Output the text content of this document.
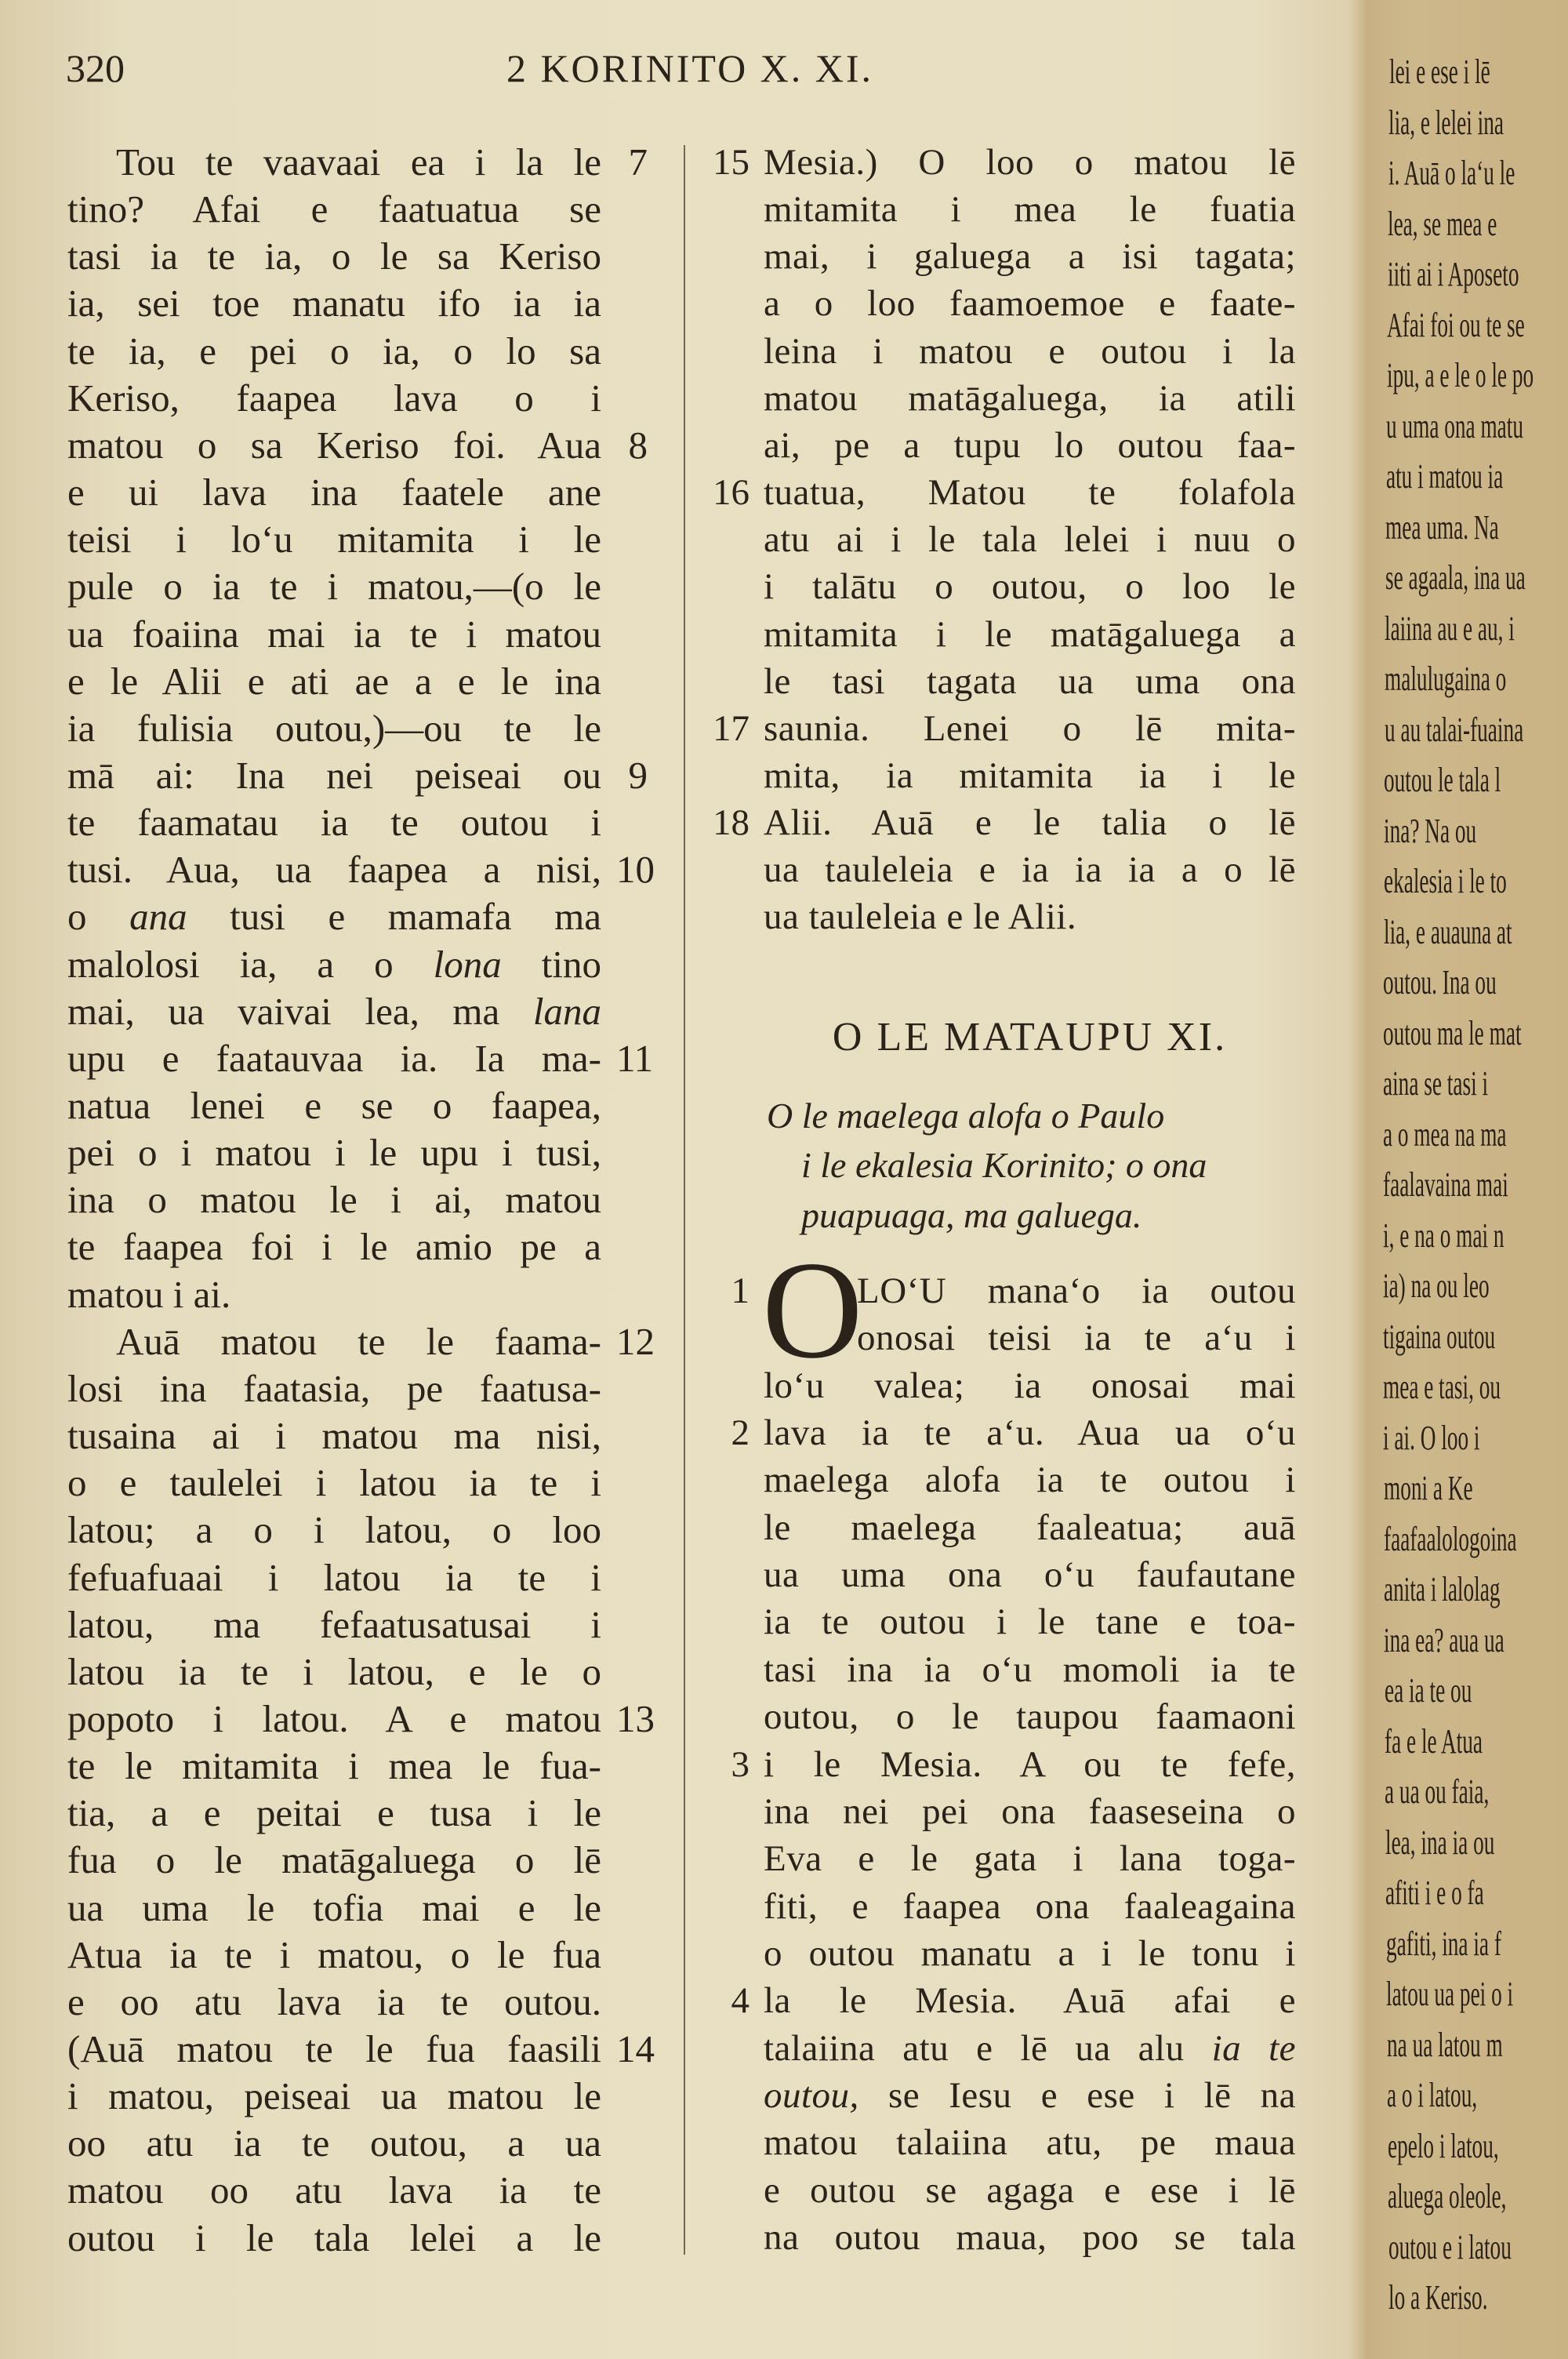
320	2 KORINITO X. XI.
Tou te vaavaai ea i la le 7
tino? Afai e faatuatua se
tasi ia te ia, o le sa Keriso
ia, sei toe manatu ifo ia ia
te ia, e pei o ia, o lo sa
Keriso, faapea lava o i
matou o sa Keriso foi. Aua 8
e ui lava ina faatele ane
teisi i lo‘u mitamita i le
pule o ia te i matou,—(o le
ua foaiina mai ia te i matou
e le Alii e ati ae a e le ina
ia fulisia outou,)—ou te le
mā ai: Ina nei peiseai ou 9
te faamatau ia te outou i
tusi. Aua, ua faapea a nisi, 10
o ana tusi e mamafa ma
malolosi ia, a o lona tino
mai, ua vaivai lea, ma lana
upu e faatauvaa ia. Ia ma- 11
natua lenei e se o faapea,
pei o i matou i le upu i tusi,
ina o matou le i ai, matou
te faapea foi i le amio pe a
matou i ai.
Auā matou te le faama- 12
losi ina faatasia, pe faatusa-
tusaina ai i matou ma nisi,
o e taulelei i latou ia te i
latou; a o i latou, o loo
fefuafuaai i latou ia te i
latou, ma fefaatusatusai i
latou ia te i latou, e le o
popoto i latou. A e matou 13
te le mitamita i mea le fua-
tia, a e peitai e tusa i le
fua o le matāgaluega o lē
ua uma le tofia mai e le
Atua ia te i matou, o le fua
e oo atu lava ia te outou.
(Auā matou te le fua faasili 14
i matou, peiseai ua matou le
oo atu ia te outou, a ua
matou oo atu lava ia te
outou i le tala lelei a le
O LE MATAUPU XI.
O le maelega alofa o Paulo
i le ekalesia Korinito; o ona
puapuaga, ma galuega.
O
Mesia.) O loo o matou lē
15
mitamita i mea le fuatia
mai, i galuega a isi tagata;
a o loo faamoemoe e faate-
leina i matou e outou i la
matou matāgaluega, ia atili
ai, pe a tupu lo outou faa-
tuatua, Matou te folafola
16
atu ai i le tala lelei i nuu o
i talātu o outou, o loo le
mitamita i le matāgaluega a
le tasi tagata ua uma ona
saunia. Lenei o lē mita-
17
mita, ia mitamita ia i le
Alii. Auā e le talia o lē
18
ua tauleleia e ia ia ia a o lē
ua tauleleia e le Alii.
LO‘U mana‘o ia outou
1
onosai teisi ia te a‘u i
lo‘u valea; ia onosai mai
lava ia te a‘u. Aua ua o‘u
2
maelega alofa ia te outou i
le maelega faaleatua; auā
ua uma ona o‘u faufautane
ia te outou i le tane e toa-
tasi ina ia o‘u momoli ia te
outou, o le taupou faamaoni
i le Mesia. A ou te fefe,
3
ina nei pei ona faaseseina o
Eva e le gata i lana toga-
fiti, e faapea ona faaleagaina
o outou manatu a i le tonu i
la le Mesia. Auā afai e
4
talaiina atu e lē ua alu ia te
outou, se Iesu e ese i lē na
matou talaiina atu, pe maua
e outou se agaga e ese i lē
na outou maua, poo se tala
lei e ese i lē
lia, e lelei ina
i. Auā o la‘u le
lea, se mea e
iiti ai i Aposeto
Afai foi ou te se
ipu, a e le o le po
u uma ona matu
atu i matou ia
mea uma. Na
se agaala, ina ua
laiina au e au, i
malulugaina o
u au talai-fuaina
outou le tala l
ina? Na ou
ekalesia i le to
lia, e auauna at
outou. Ina ou
outou ma le mat
aina se tasi i
a o mea na ma
faalavaina mai
i, e na o mai n
ia) na ou leo
tigaina outou
mea e tasi, ou
i ai. O loo i
moni a Ke
faafaalologoina
anita i lalolag
ina ea? aua ua
ea ia te ou
fa e le Atua
a ua ou faia,
lea, ina ia ou
afiti i e o fa
gafiti, ina ia f
latou ua pei o i
na ua latou m
a o i latou,
epelo i latou,
aluega oleole,
outou e i latou
lo a Keriso.
